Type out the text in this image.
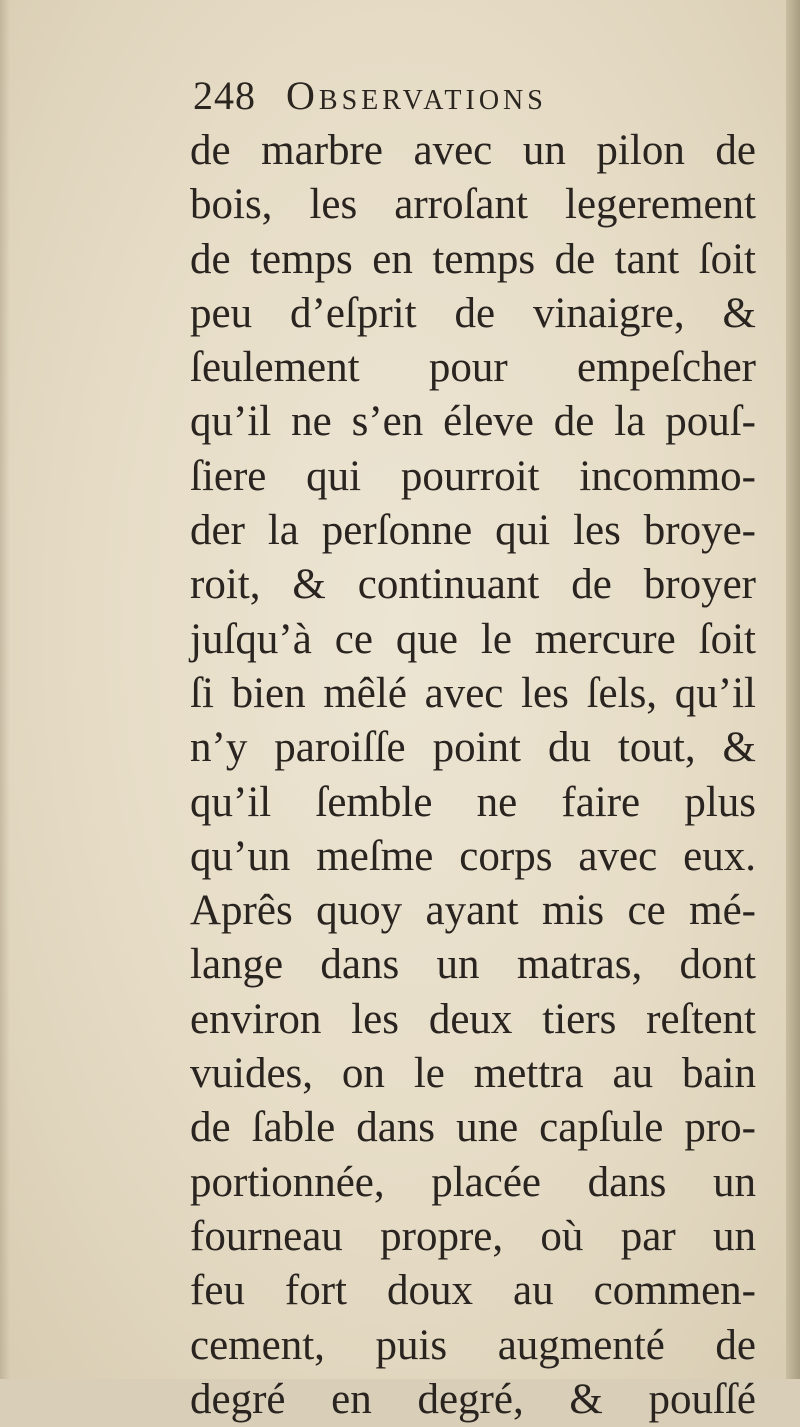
248 Observations
de marbre avec un pilon de
bois, les arroſant legerement
de temps en temps de tant ſoit
peu d’eſprit de vinaigre, &
ſeulement pour empeſcher
qu’il ne s’en éleve de la pouſ-
ſiere qui pourroit incommo-
der la perſonne qui les broye-
roit, & continuant de broyer
juſqu’à ce que le mercure ſoit
ſi bien mêlé avec les ſels, qu’il
n’y paroiſſe point du tout, &
qu’il ſemble ne faire plus
qu’un meſme corps avec eux.
Aprês quoy ayant mis ce mé-
lange dans un matras, dont
environ les deux tiers reſtent
vuides, on le mettra au bain
de ſable dans une capſule pro-
portionnée, placée dans un
fourneau propre, où par un
feu fort doux au commen-
cement, puis augmenté de
degré en degré, & pouſſé
